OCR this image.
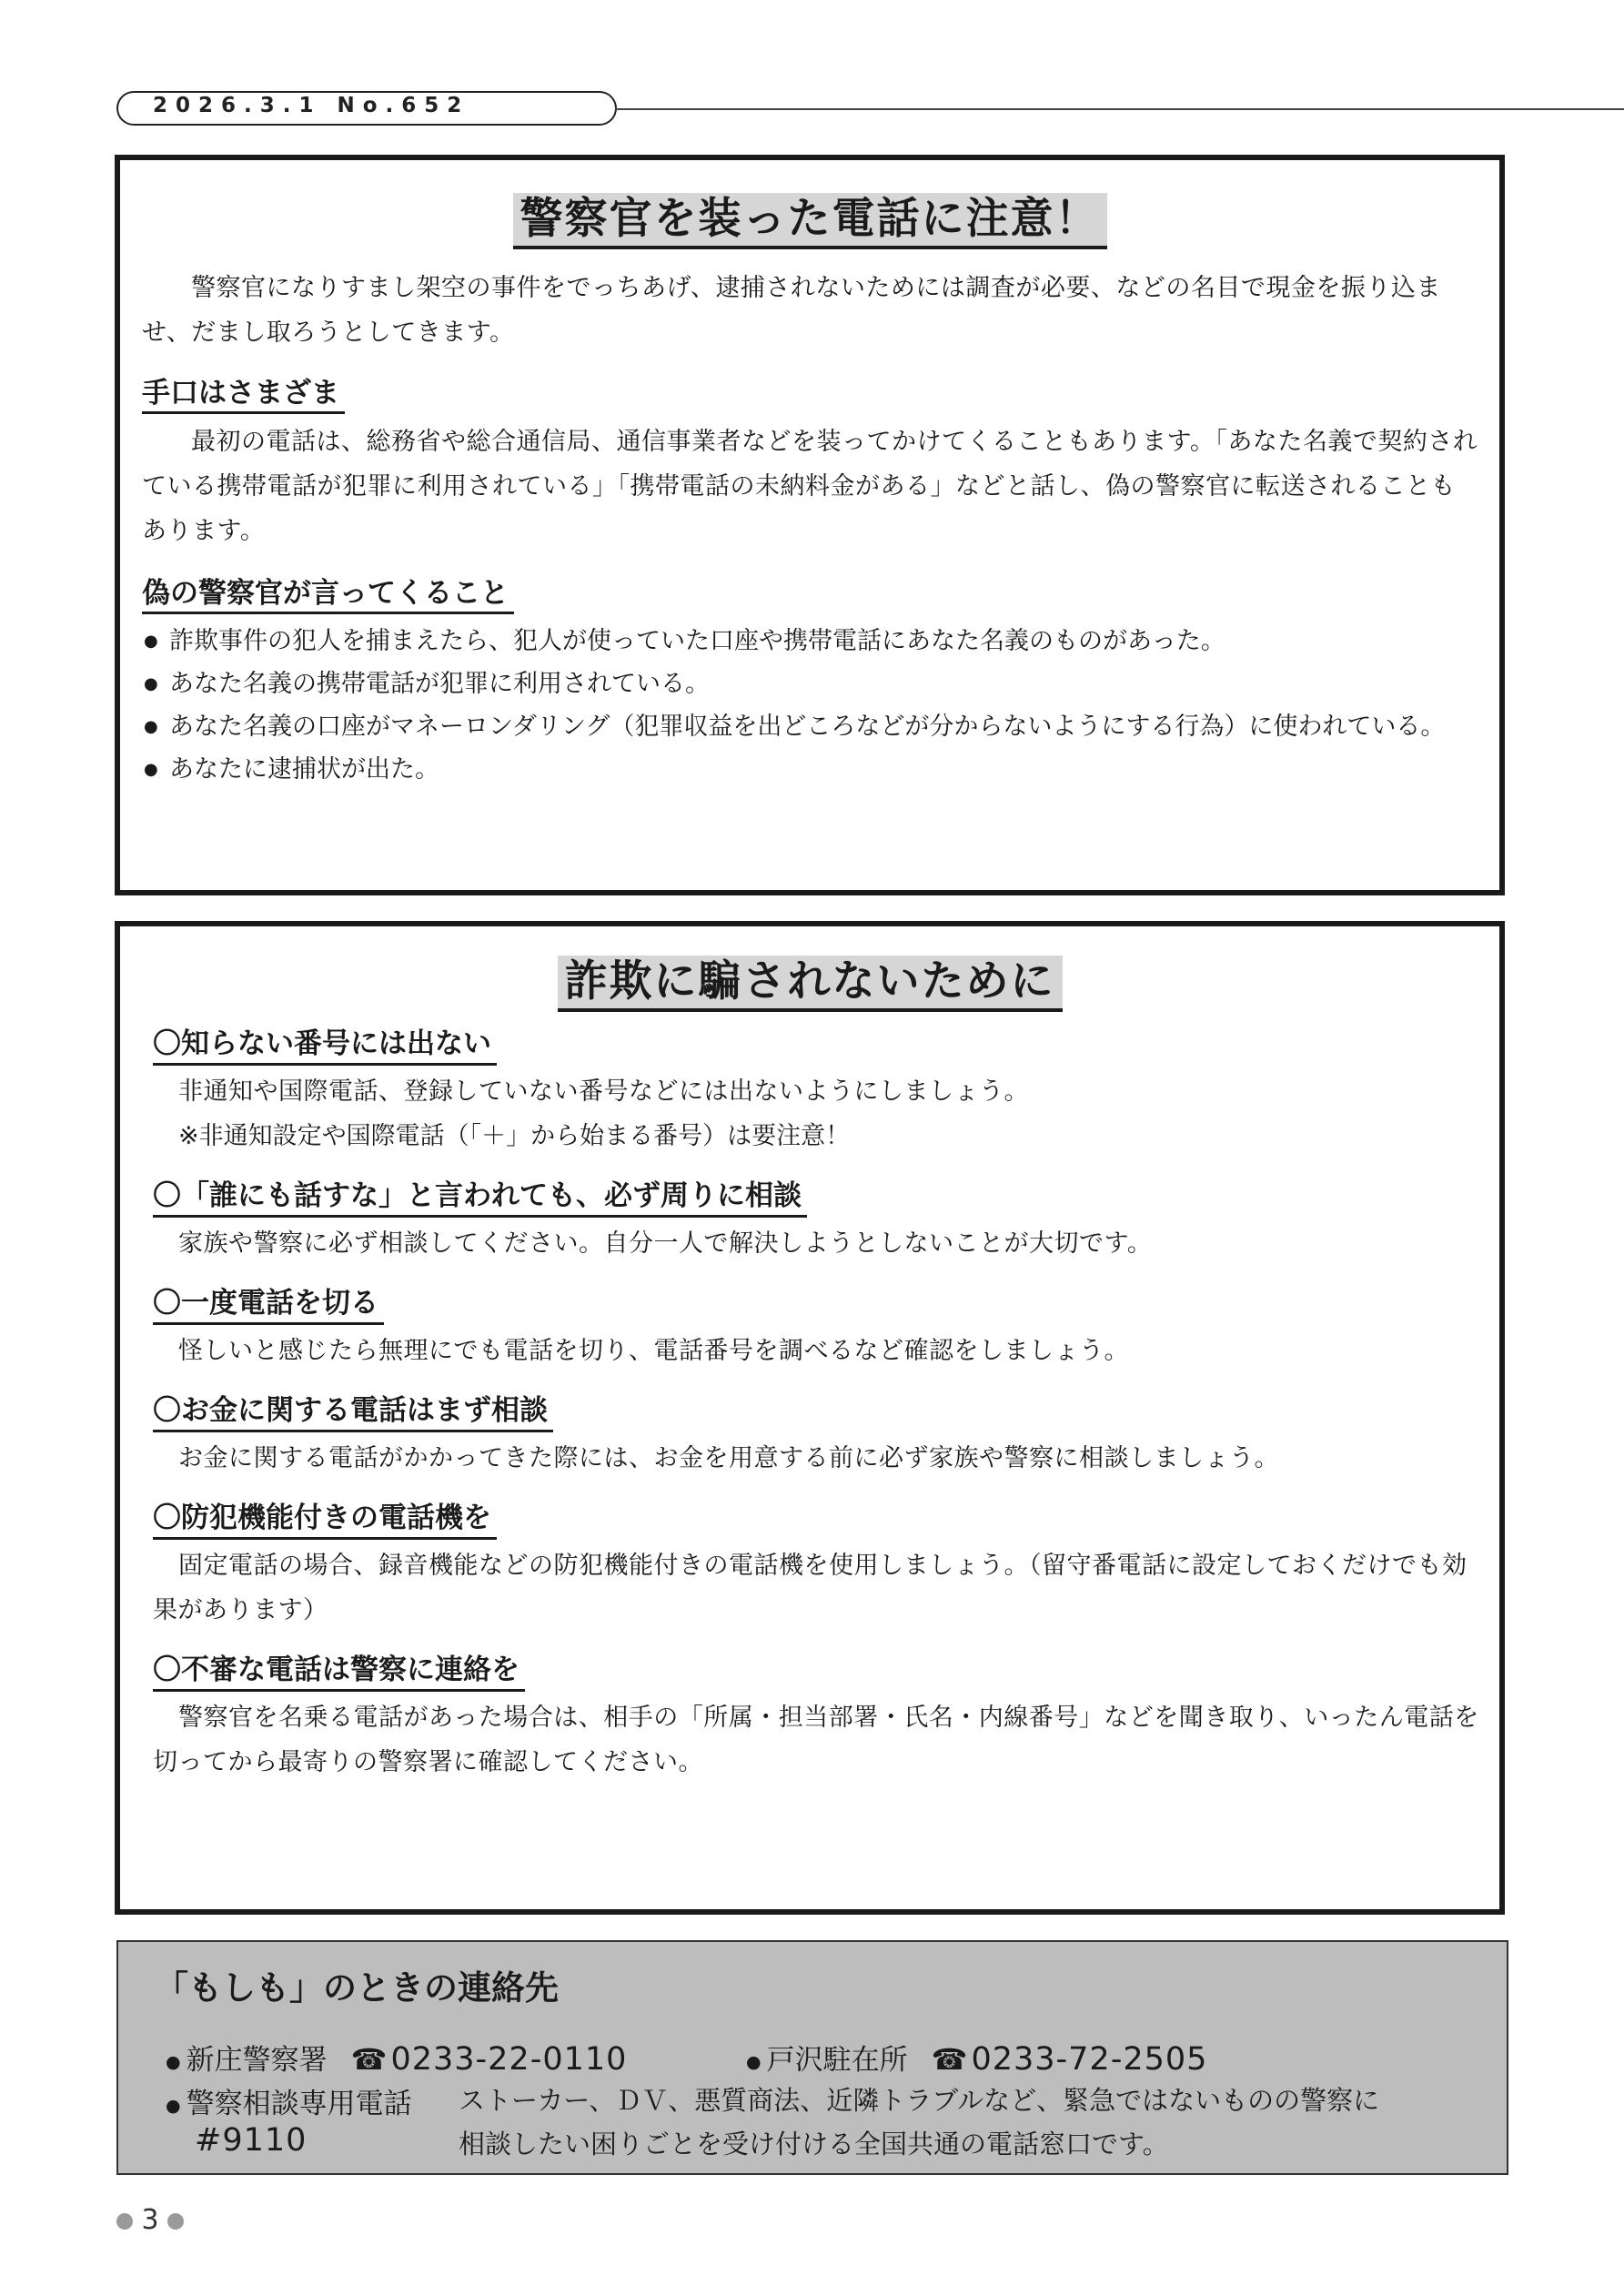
2026.3.1 No.652
警察官を装った電話に注意！

警察官になりすまし架空の事件をでっちあげ、逮捕されないためには調査が必要、などの名目で現金を振り込ませ、だまし取ろうとしてきます。

手口はさまざま

最初の電話は、総務省や総合通信局、通信事業者などを装ってかけてくることもあります。「あなた名義で契約されている携帯電話が犯罪に利用されている」「携帯電話の未納料金がある」などと話し、偽の警察官に転送されることもあります。

偽の警察官が言ってくること
● 詐欺事件の犯人を捕まえたら、犯人が使っていた口座や携帯電話にあなた名義のものがあった。
● あなた名義の携帯電話が犯罪に利用されている。
● あなた名義の口座がマネーロンダリング（犯罪収益を出どころなどが分からないようにする行為）に使われている。
● あなたに逮捕状が出た。
詐欺に騙されないために
〇知らない番号には出ない

非通知や国際電話、登録していない番号などには出ないようにしましょう。

※非通知設定や国際電話（「＋」から始まる番号）は要注意！

〇「誰にも話すな」と言われても、必ず周りに相談

家族や警察に必ず相談してください。自分一人で解決しようとしないことが大切です。

〇一度電話を切る

怪しいと感じたら無理にでも電話を切り、電話番号を調べるなど確認をしましょう。

〇お金に関する電話はまず相談

お金に関する電話がかかってきた際には、お金を用意する前に必ず家族や警察に相談しましょう。

〇防犯機能付きの電話機を

固定電話の場合、録音機能などの防犯機能付きの電話機を使用しましょう。（留守番電話に設定しておくだけでも効果があります）

〇不審な電話は警察に連絡を

警察官を名乗る電話があった場合は、相手の「所属・担当部署・氏名・内線番号」などを聞き取り、いったん電話を切ってから最寄りの警察署に確認してください。

「もしも」のときの連絡先
● 新庄警察署 ☎ 0233-22-0110	● 戸沢駐在所 ☎ 0233-72-2505
● 警察相談専用電話
#9110
ストーカー、ＤＶ、悪質商法、近隣トラブルなど、緊急ではないものの警察に
相談したい困りごとを受け付ける全国共通の電話窓口です。
3
